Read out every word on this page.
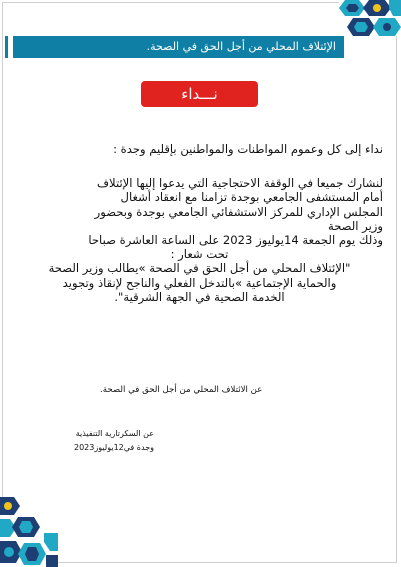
الإئتلاف المحلي من أجل الحق في الصحة.
نـــداء

نداء إلى كل وعموم المواطنات والمواطنين بإقليم وجدة :

لنشارك جميعا في الوقفة الاحتجاجية التي يدعوا إليها الإئتلاف

أمام المستشفى الجامعي بوجدة تزامنا مع انعقاد أشغال

المجلس الإداري للمركز الاستشفائي الجامعي بوجدة وبحضور

وزير الصحة

وذلك يوم الجمعة 14يوليوز 2023 على الساعة العاشرة صباحا

تحت شعار :

"الإئتلاف المحلي من أجل الحق في الصحة »يطالب وزير الصحة

والحماية الإجتماعية »بالتدخل الفعلي والناجح لإنقاذ وتجويد

الخدمة الصحية في الجهة الشرقية".

عن الائتلاف المحلي من أجل الحق في الصحة.
عن السكرتارية التنفيذية
وجدة في12يوليوز2023
